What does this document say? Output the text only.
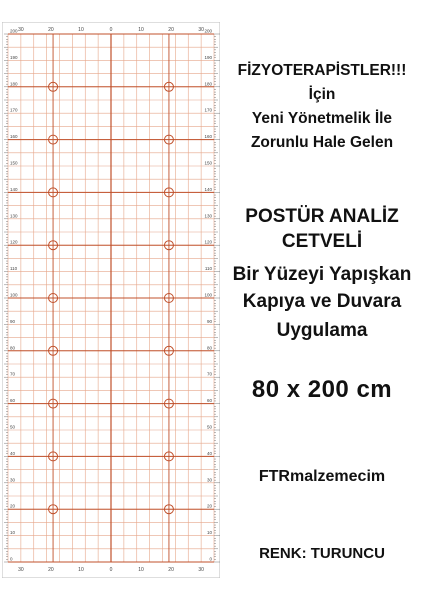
30
30
20
20
10
10
0
0
10
10
20
20
30
30
200	200
190	190
180	180
170	170
160	160
150	150
140	140
130	130
120	120
110	110
100	100
90	90
80	80
70	70
60	60
50	50
40	40
30	30
20	20
10	10
0	0
FİZYOTERAPİSTLER!!!
İçin
Yeni Yönetmelik İle
Zorunlu Hale Gelen
POSTÜR ANALİZ
CETVELİ
Bir Yüzeyi Yapışkan
Kapıya ve Duvara
Uygulama
80 x 200 cm
FTRmalzemecim
RENK: TURUNCU
